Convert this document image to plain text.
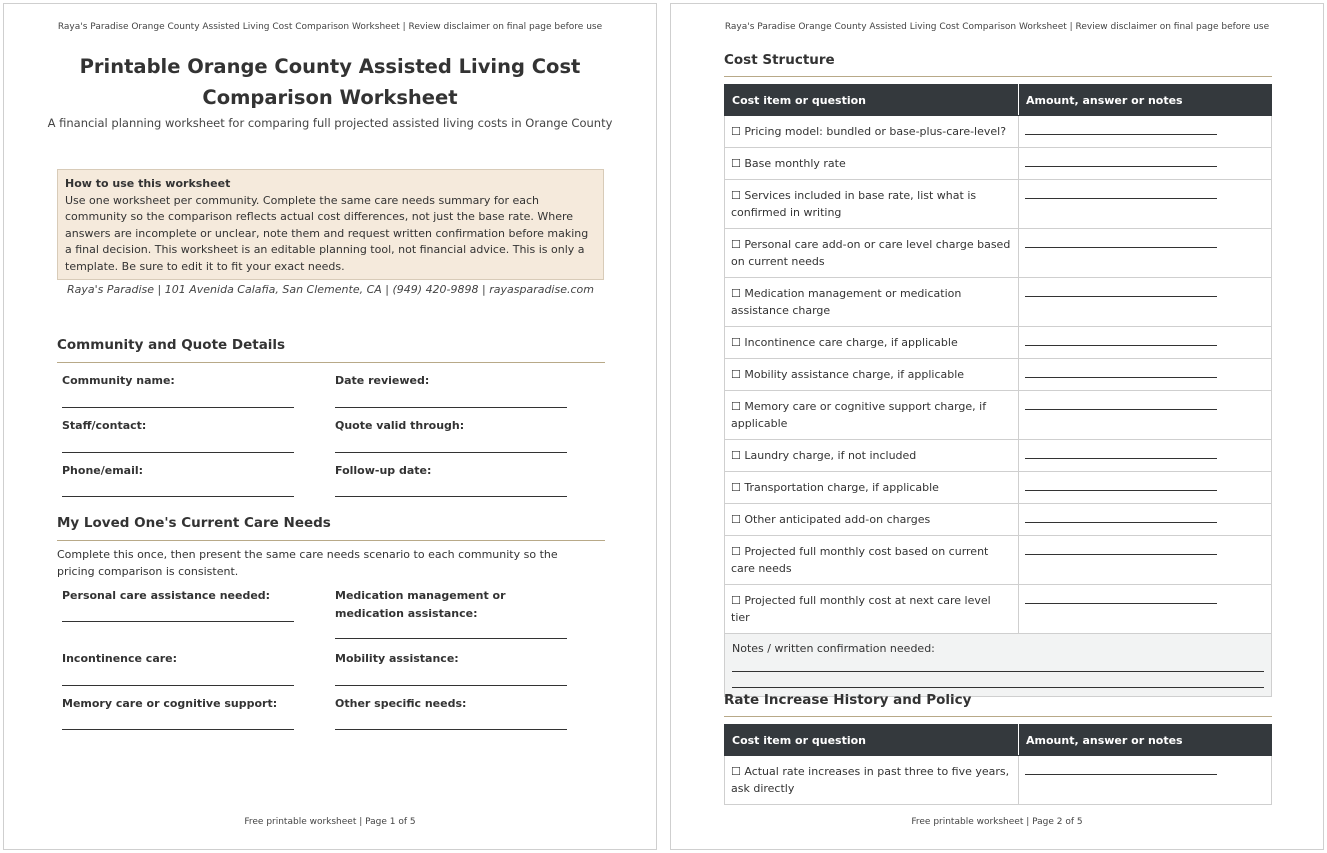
Raya's Paradise Orange County Assisted Living Cost Comparison Worksheet | Review disclaimer on final page before use
Printable Orange County Assisted Living Cost Comparison Worksheet
A financial planning worksheet for comparing full projected assisted living costs in Orange County
How to use this worksheet
Use one worksheet per community. Complete the same care needs summary for each community so the comparison reflects actual cost differences, not just the base rate. Where answers are incomplete or unclear, note them and request written confirmation before making a final decision. This worksheet is an editable planning tool, not financial advice. This is only a template. Be sure to edit it to fit your exact needs.
Raya's Paradise | 101 Avenida Calafia, San Clemente, CA | (949) 420-9898 | rayasparadise.com
Community and Quote Details
Community name:	Date reviewed:
Staff/contact:	Quote valid through:
Phone/email:	Follow-up date:
My Loved One's Current Care Needs
Complete this once, then present the same care needs scenario to each community so the pricing comparison is consistent.
Personal care assistance needed:	Medication management or medication assistance:
Incontinence care:	Mobility assistance:
Memory care or cognitive support:	Other specific needs:
Free printable worksheet | Page 1 of 5
Raya's Paradise Orange County Assisted Living Cost Comparison Worksheet | Review disclaimer on final page before use
Cost Structure
Cost item or question	Amount, answer or notes
☐ Pricing model: bundled or base-plus-care-level?	

☐ Base monthly rate	

☐ Services included in base rate, list what is confirmed in writing	

☐ Personal care add-on or care level charge based on current needs	

☐ Medication management or medication assistance charge	

☐ Incontinence care charge, if applicable	

☐ Mobility assistance charge, if applicable	

☐ Memory care or cognitive support charge, if applicable	

☐ Laundry charge, if not included	

☐ Transportation charge, if applicable	

☐ Other anticipated add-on charges	

☐ Projected full monthly cost based on current care needs	

☐ Projected full monthly cost at next care level tier	

Notes / written confirmation needed:	
Rate Increase History and Policy
Cost item or question	Amount, answer or notes
☐ Actual rate increases in past three to five years, ask directly	
Free printable worksheet | Page 2 of 5
